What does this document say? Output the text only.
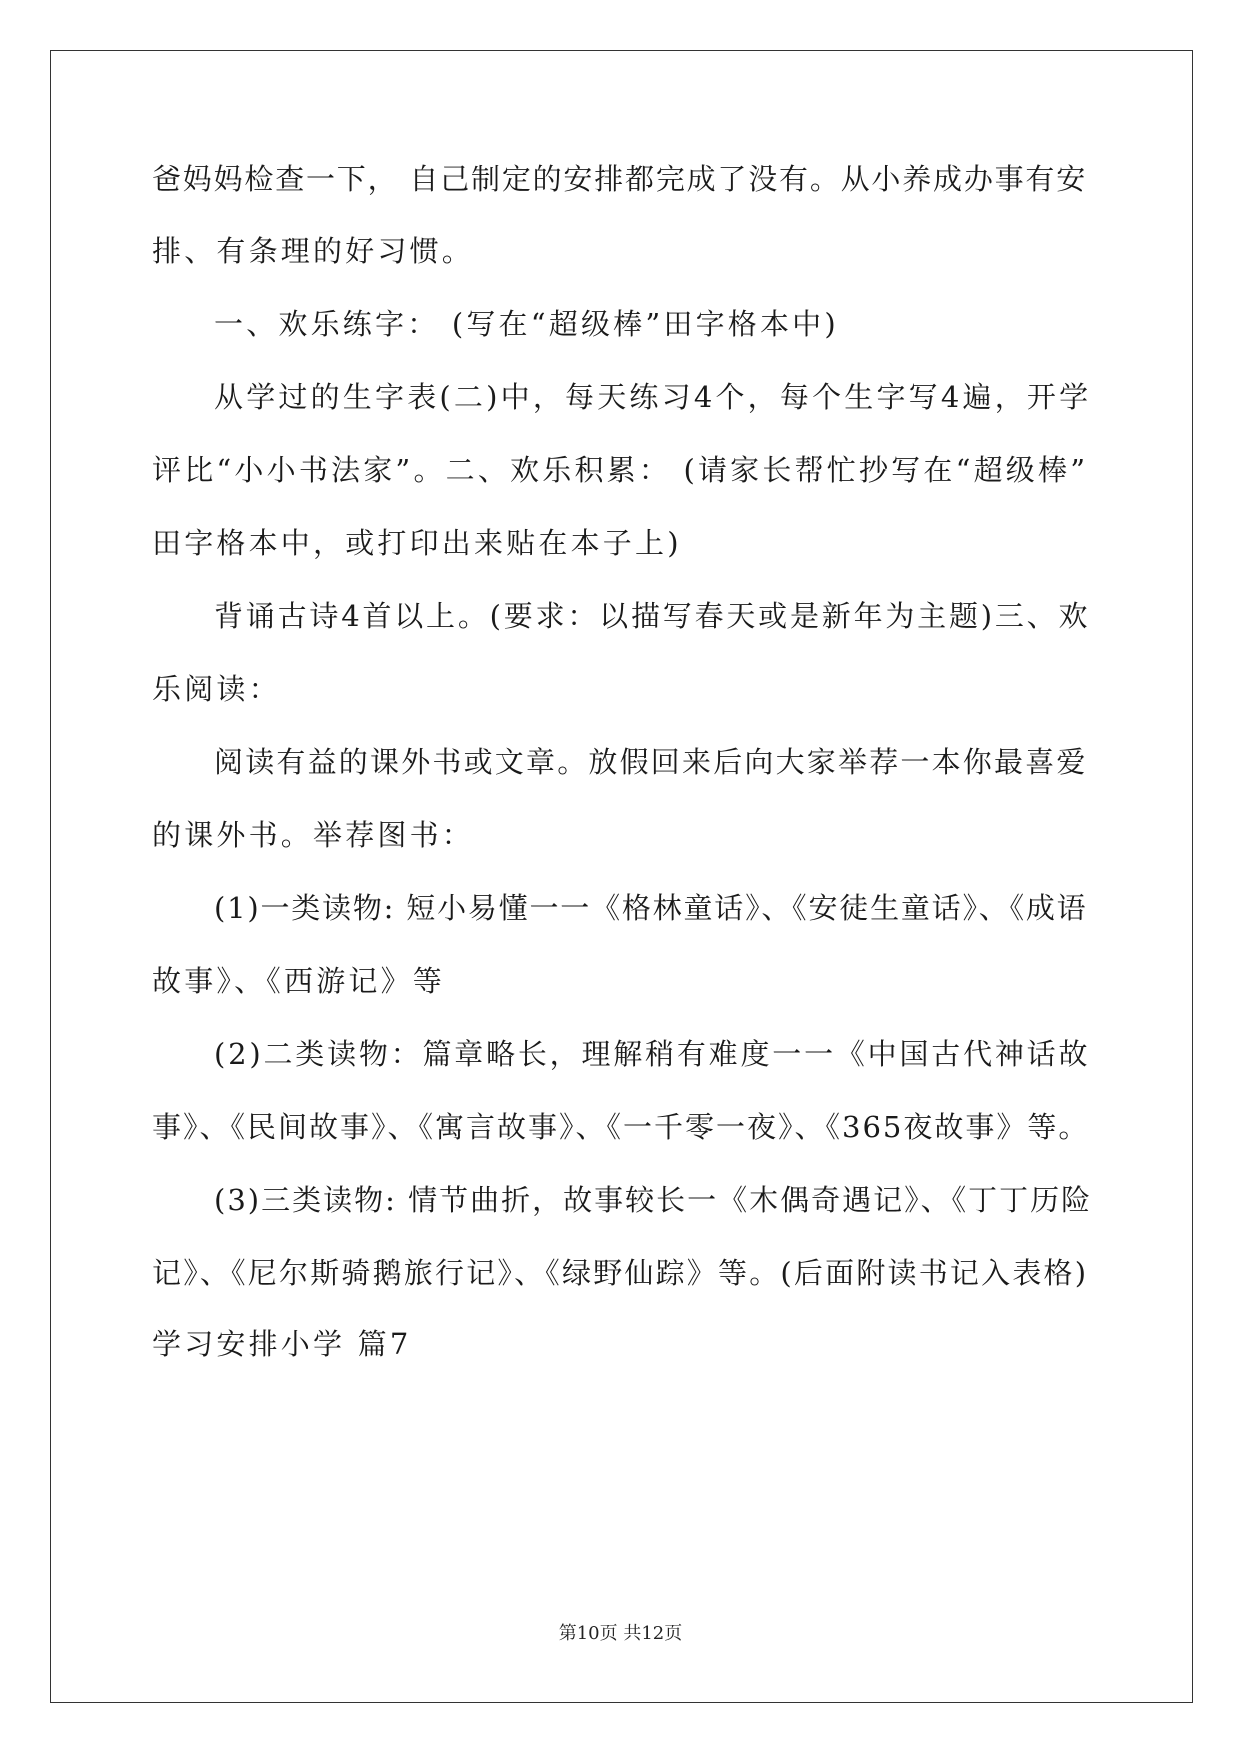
爸妈妈检查一下， 自己制定的安排都完成了没有。从小养成办事有安
排、有条理的好习惯。
一、欢乐练字： (写在“超级棒”田字格本中)
从学过的生字表(二)中，每天练习4个，每个生字写4遍，开学
评比“小小书法家”。二、欢乐积累： (请家长帮忙抄写在“超级棒”
田字格本中，或打印出来贴在本子上)
背诵古诗4首以上。(要求：以描写春天或是新年为主题)三、欢
乐阅读：
阅读有益的课外书或文章。放假回来后向大家举荐一本你最喜爱
的课外书。举荐图书：
(1)一类读物: 短小易懂一一《格林童话》、《安徒生童话》、《成语
故事》、《西游记》等
(2)二类读物：篇章略长，理解稍有难度一一《中国古代神话故
事》、《民间故事》、《寓言故事》、《一千零一夜》、《365夜故事》等。
(3)三类读物: 情节曲折，故事较长一《木偶奇遇记》、《丁丁历险
记》、《尼尔斯骑鹅旅行记》、《绿野仙踪》等。(后面附读书记入表格)
学习安排小学 篇7
第10页 共12页
